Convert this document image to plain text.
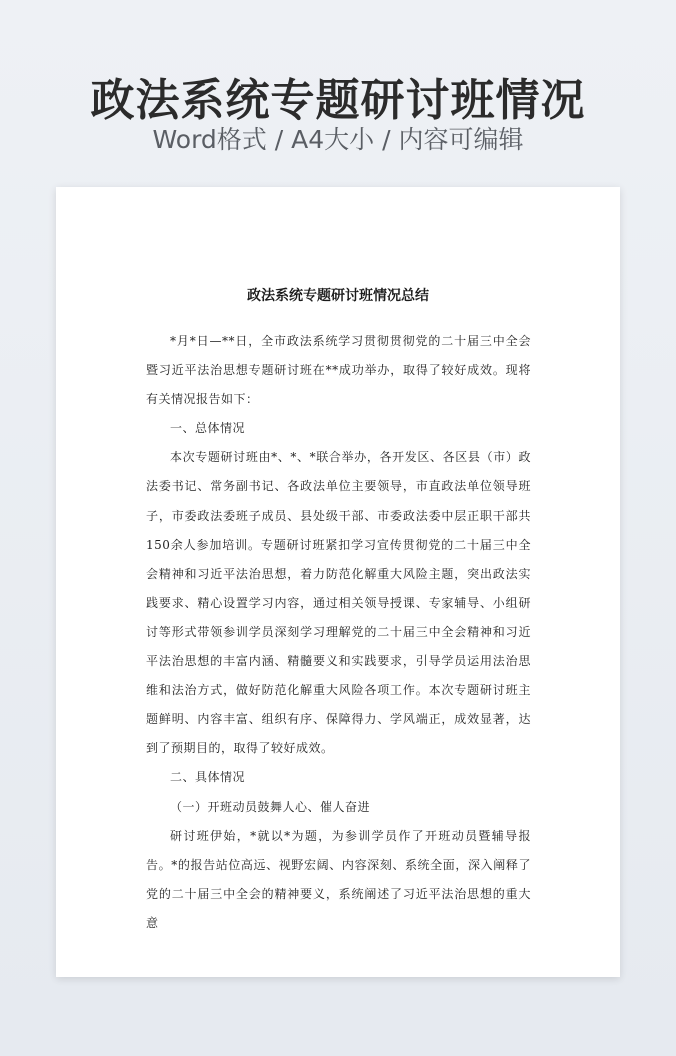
政法系统专题研讨班情况
Word格式 / A4大小 / 内容可编辑
政法系统专题研讨班情况总结

*月*日—**日，全市政法系统学习贯彻贯彻党的二十届三中全会暨习近平法治思想专题研讨班在**成功举办，取得了较好成效。现将有关情况报告如下：

一、总体情况

本次专题研讨班由*、*、*联合举办，各开发区、各区县（市）政法委书记、常务副书记、各政法单位主要领导，市直政法单位领导班子，市委政法委班子成员、县处级干部、市委政法委中层正职干部共150余人参加培训。专题研讨班紧扣学习宣传贯彻党的二十届三中全会精神和习近平法治思想，着力防范化解重大风险主题，突出政法实践要求、精心设置学习内容，通过相关领导授课、专家辅导、小组研讨等形式带领参训学员深刻学习理解党的二十届三中全会精神和习近平法治思想的丰富内涵、精髓要义和实践要求，引导学员运用法治思维和法治方式，做好防范化解重大风险各项工作。本次专题研讨班主题鲜明、内容丰富、组织有序、保障得力、学风端正，成效显著，达到了预期目的，取得了较好成效。

二、具体情况

（一）开班动员鼓舞人心、催人奋进

研讨班伊始，*就以*为题，为参训学员作了开班动员暨辅导报告。*的报告站位高远、视野宏阔、内容深刻、系统全面，深入阐释了党的二十届三中全会的精神要义，系统阐述了习近平法治思想的重大意
